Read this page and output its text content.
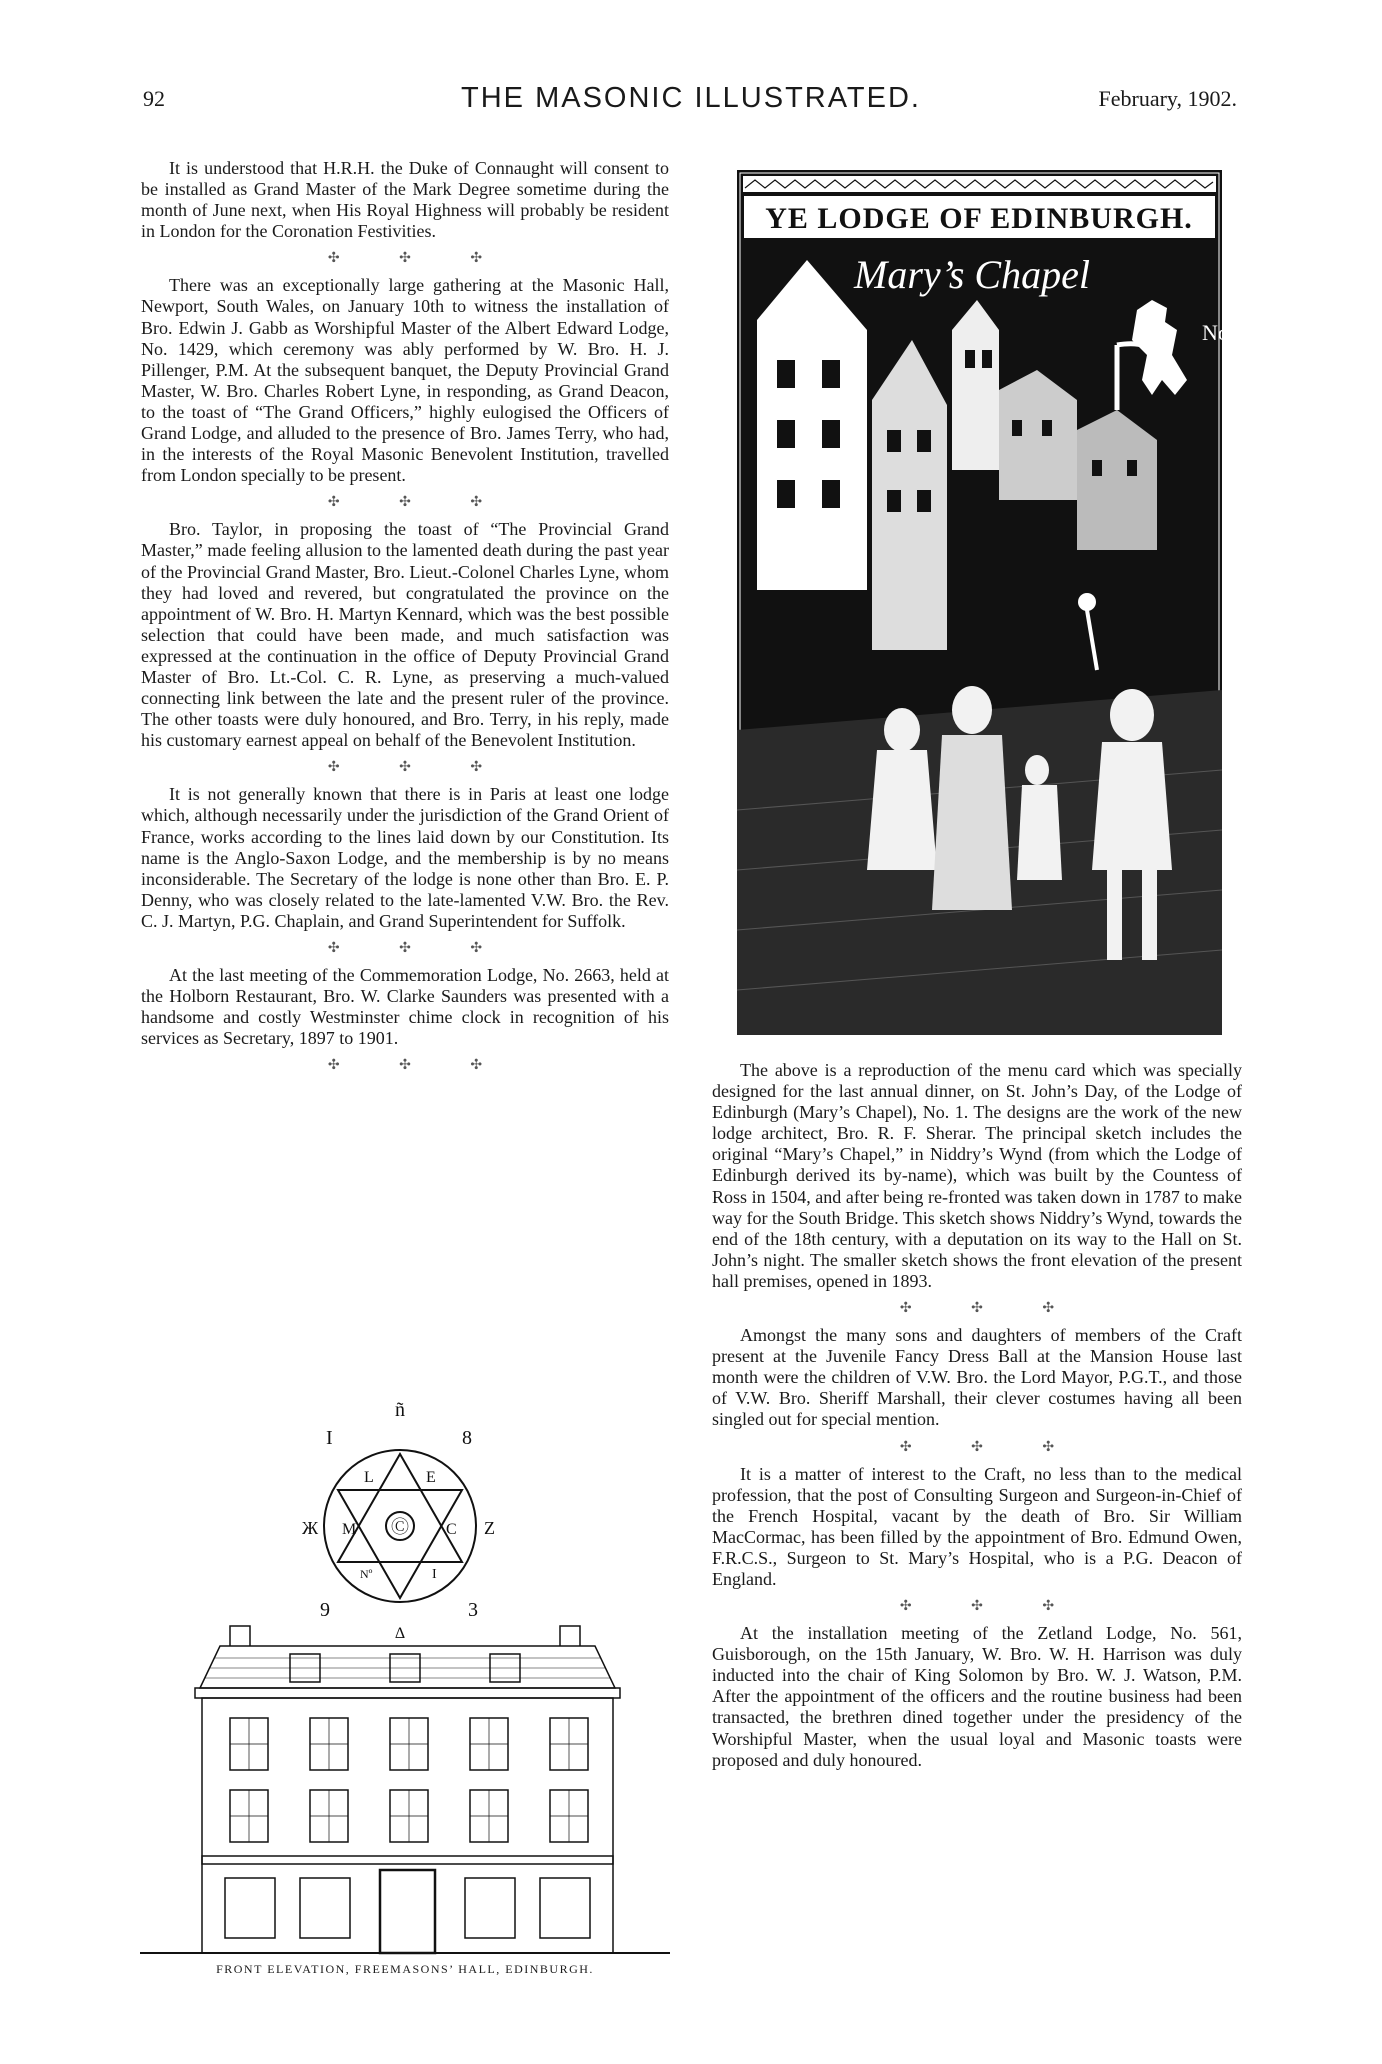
92	THE MASONIC ILLUSTRATED.	February, 1902.

It is understood that H.R.H. the Duke of Connaught will consent to be installed as Grand Master of the Mark Degree sometime during the month of June next, when His Royal Highness will probably be resident in London for the Coronation Festivities.

✣ ✣ ✣

There was an exceptionally large gathering at the Masonic Hall, Newport, South Wales, on January 10th to witness the installation of Bro. Edwin J. Gabb as Worshipful Master of the Albert Edward Lodge, No. 1429, which ceremony was ably performed by W. Bro. H. J. Pillenger, P.M. At the subsequent banquet, the Deputy Provincial Grand Master, W. Bro. Charles Robert Lyne, in responding, as Grand Deacon, to the toast of “The Grand Officers,” highly eulogised the Officers of Grand Lodge, and alluded to the presence of Bro. James Terry, who had, in the interests of the Royal Masonic Benevolent Institution, travelled from London specially to be present.

✣ ✣ ✣

Bro. Taylor, in proposing the toast of “The Provincial Grand Master,” made feeling allusion to the lamented death during the past year of the Provincial Grand Master, Bro. Lieut.-Colonel Charles Lyne, whom they had loved and revered, but congratulated the province on the appointment of W. Bro. H. Martyn Kennard, which was the best possible selection that could have been made, and much satisfaction was expressed at the continuation in the office of Deputy Provincial Grand Master of Bro. Lt.-Col. C. R. Lyne, as preserving a much-valued connecting link between the late and the present ruler of the province. The other toasts were duly honoured, and Bro. Terry, in his reply, made his customary earnest appeal on behalf of the Benevolent Institution.

✣ ✣ ✣

It is not generally known that there is in Paris at least one lodge which, although necessarily under the jurisdiction of the Grand Orient of France, works according to the lines laid down by our Constitution. Its name is the Anglo-Saxon Lodge, and the membership is by no means inconsiderable. The Secretary of the lodge is none other than Bro. E. P. Denny, who was closely related to the late-lamented V.W. Bro. the Rev. C. J. Martyn, P.G. Chaplain, and Grand Superintendent for Suffolk.

✣ ✣ ✣

At the last meeting of the Commemoration Lodge, No. 2663, held at the Holborn Restaurant, Bro. W. Clarke Saunders was presented with a handsome and costly Westminster chime clock in recognition of his services as Secretary, 1897 to 1901.

✣ ✣ ✣
YE LODGE OF EDINBURGH.
Mary’s Chapel
No 1
ñ
Ⓒ
I	8
L	E
M	C
Ж	Z
Nº	I
9	3
Δ
FRONT ELEVATION, FREEMASONS’ HALL, EDINBURGH.

The above is a reproduction of the menu card which was specially designed for the last annual dinner, on St. John’s Day, of the Lodge of Edinburgh (Mary’s Chapel), No. 1. The designs are the work of the new lodge architect, Bro. R. F. Sherar. The principal sketch includes the original “Mary’s Chapel,” in Niddry’s Wynd (from which the Lodge of Edinburgh derived its by-name), which was built by the Countess of Ross in 1504, and after being re-fronted was taken down in 1787 to make way for the South Bridge. This sketch shows Niddry’s Wynd, towards the end of the 18th century, with a deputation on its way to the Hall on St. John’s night. The smaller sketch shows the front elevation of the present hall premises, opened in 1893.

✣ ✣ ✣

Amongst the many sons and daughters of members of the Craft present at the Juvenile Fancy Dress Ball at the Mansion House last month were the children of V.W. Bro. the Lord Mayor, P.G.T., and those of V.W. Bro. Sheriff Marshall, their clever costumes having all been singled out for special mention.

✣ ✣ ✣

It is a matter of interest to the Craft, no less than to the medical profession, that the post of Consulting Surgeon and Surgeon-in-Chief of the French Hospital, vacant by the death of Bro. Sir William MacCormac, has been filled by the appointment of Bro. Edmund Owen, F.R.C.S., Surgeon to St. Mary’s Hospital, who is a P.G. Deacon of England.

✣ ✣ ✣

At the installation meeting of the Zetland Lodge, No. 561, Guisborough, on the 15th January, W. Bro. W. H. Harrison was duly inducted into the chair of King Solomon by Bro. W. J. Watson, P.M. After the appointment of the officers and the routine business had been transacted, the brethren dined together under the presidency of the Worshipful Master, when the usual loyal and Masonic toasts were proposed and duly honoured.
